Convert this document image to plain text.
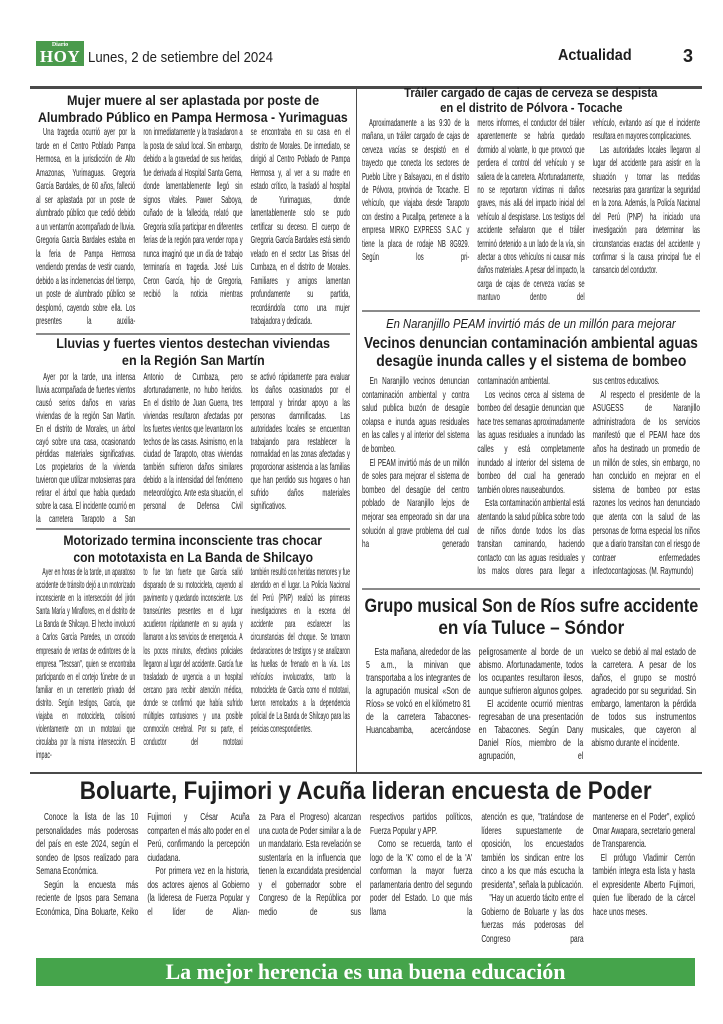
Diario
HOY Lunes, 2 de setiembre del 2024	Actualidad	3
Mujer muere al ser aplastada por poste de
Alumbrado Público en Pampa Hermosa - Yurimaguas

Una tragedia ocurrió ayer por la tarde en el Centro Poblado Pampa Hermosa, en la jurisdicción de Alto Amazonas, Yurimaguas. Gregoria García Bardales, de 60 años, falleció al ser aplastada por un poste de alumbrado público que cedió debido a un ventarrón acompañado de lluvia. Gregoria García Bardales estaba en la feria de Pampa Hermosa vendiendo prendas de vestir cuando, debido a las inclemencias del tiempo, un poste de alumbrado público se desplomó, cayendo sobre ella. Los presentes la auxilia-

ron inmediatamente y la trasladaron a la posta de salud local. Sin embargo, debido a la gravedad de sus heridas, fue derivada al Hospital Santa Gema, donde lamentablemente llegó sin signos vitales. Pawer Saboya, cuñado de la fallecida, relató que Gregoria solía participar en diferentes ferias de la región para vender ropa y nunca imaginó que un día de trabajo terminaría en tragedia. José Luis Ceron García, hijo de Gregoria, recibió la noticia mientras

se encontraba en su casa en el distrito de Morales. De inmediato, se dirigió al Centro Poblado de Pampa Hermosa y, al ver a su madre en estado crítico, la trasladó al hospital de Yurimaguas, donde lamentablemente solo se pudo certificar su deceso. El cuerpo de Gregoria García Bardales está siendo velado en el sector Las Brisas del Cumbaza, en el distrito de Morales. Familiares y amigos lamentan profundamente su partida, recordándola como una mujer trabajadora y dedicada.

Lluvias y fuertes vientos destechan viviendas
en la Región San Martín

Ayer por la tarde, una intensa lluvia acompañada de fuertes vientos causó serios daños en varias viviendas de la región San Martín. En el distrito de Morales, un árbol cayó sobre una casa, ocasionando pérdidas materiales significativas. Los propietarios de la vivienda tuvieron que utilizar motosierras para retirar el árbol que había quedado sobre la casa. El incidente ocurrió en la carretera Tarapoto a San

Antonio de Cumbaza, pero afortunadamente, no hubo heridos. En el distrito de Juan Guerra, tres viviendas resultaron afectadas por los fuertes vientos que levantaron los techos de las casas. Asimismo, en la ciudad de Tarapoto, otras viviendas también sufrieron daños similares debido a la intensidad del fenómeno meteorológico. Ante esta situación, el personal de Defensa Civil

se activó rápidamente para evaluar los daños ocasionados por el temporal y brindar apoyo a las personas damnificadas. Las autoridades locales se encuentran trabajando para restablecer la normalidad en las zonas afectadas y proporcionar asistencia a las familias que han perdido sus hogares o han sufrido daños materiales significativos.

Motorizado termina inconsciente tras chocar
con mototaxista en La Banda de Shilcayo

Ayer en horas de la tarde, un aparatoso accidente de tránsito dejó a un motorizado inconsciente en la intersección del jirón Santa María y Miraflores, en el distrito de La Banda de Shilcayo. El hecho involucró a Carlos García Paredes, un conocido empresario de ventas de extintores de la empresa "Tescsan", quien se encontraba participando en el cortejo fúnebre de un familiar en un cementerio privado del distrito. Según testigos, García, que viajaba en motocicleta, colisionó violentamente con un mototaxi que circulaba por la misma intersección. El impac-

to fue tan fuerte que García salió disparado de su motocicleta, cayendo al pavimento y quedando inconsciente. Los transeúntes presentes en el lugar acudieron rápidamente en su ayuda y llamaron a los servicios de emergencia. A los pocos minutos, efectivos policiales llegaron al lugar del accidente. García fue trasladado de urgencia a un hospital cercano para recibir atención médica, donde se confirmó que había sufrido múltiples contusiones y una posible conmoción cerebral. Por su parte, el conductor del mototaxi

también resultó con heridas menores y fue atendido en el lugar. La Policía Nacional del Perú (PNP) realizó las primeras investigaciones en la escena del accidente para esclarecer las circunstancias del choque. Se tomaron declaraciones de testigos y se analizaron las huellas de frenado en la vía. Los vehículos involucrados, tanto la motocicleta de García como el mototaxi, fueron remolcados a la dependencia policial de La Banda de Shilcayo para las pericias correspondientes.

Tráiler cargado de cajas de cerveza se despista
en el distrito de Pólvora - Tocache

Aproximadamente a las 9:30 de la mañana, un tráiler cargado de cajas de cerveza vacías se despistó en el trayecto que conecta los sectores de Pueblo Libre y Balsayacu, en el distrito de Pólvora, provincia de Tocache. El vehículo, que viajaba desde Tarapoto con destino a Pucallpa, pertenece a la empresa MIRKO EXPRESS S.A.C y tiene la placa de rodaje NB 8G929. Según los pri-

meros informes, el conductor del tráiler aparentemente se habría quedado dormido al volante, lo que provocó que perdiera el control del vehículo y se saliera de la carretera. Afortunadamente, no se reportaron víctimas ni daños graves, más allá del impacto inicial del vehículo al despistarse. Los testigos del accidente señalaron que el tráiler terminó detenido a un lado de la vía, sin afectar a otros vehículos ni causar más daños materiales. A pesar del impacto, la carga de cajas de cerveza vacías se mantuvo dentro del

vehículo, evitando así que el incidente resultara en mayores complicaciones.

Las autoridades locales llegaron al lugar del accidente para asistir en la situación y tomar las medidas necesarias para garantizar la seguridad en la zona. Además, la Policía Nacional del Perú (PNP) ha iniciado una investigación para determinar las circunstancias exactas del accidente y confirmar si la causa principal fue el cansancio del conductor.

En Naranjillo PEAM invirtió más de un millón para mejorar
Vecinos denuncian contaminación ambiental aguas
desagüe inunda calles y el sistema de bombeo

En Naranjillo vecinos denuncian contaminación ambiental y contra salud publica buzón de desagüe colapsa e inunda aguas residuales en las calles y al interior del sistema de bombeo.

El PEAM invirtió más de un millón de soles para mejorar el sistema de bombeo del desagüe del centro poblado de Naranjillo lejos de mejorar sea empeorado sin dar una solución al grave problema del cual ha generado

contaminación ambiental.

Los vecinos cerca al sistema de bombeo del desagüe denuncian que hace tres semanas aproximadamente las aguas residuales a inundado las calles y está completamente inundado al interior del sistema de bombeo del cual ha generado también olores nauseabundos.

Esta contaminación ambiental está atentando la salud pública sobre todo de niños donde todos los días transitan caminando, haciendo contacto con las aguas residuales y los malos olores para llegar a

sus centros educativos.

Al respecto el presidente de la ASUGESS de Naranjillo administradora de los servicios manifestó que el PEAM hace dos años ha destinado un promedio de un millón de soles, sin embargo, no han concluido en mejorar en el sistema de bombeo por estas razones los vecinos han denunciado que atenta con la salud de las personas de forma especial los niños que a diario transitan con el riesgo de contraer enfermedades infectocontagiosas. (M. Raymundo)

Grupo musical Son de Ríos sufre accidente
en vía Tuluce – Sóndor

Esta mañana, alrededor de las 5 a.m., la minivan que transportaba a los integrantes de la agrupación musical «Son de Ríos» se volcó en el kilómetro 81 de la carretera Tabacones-Huancabamba, acercándose

peligrosamente al borde de un abismo. Afortunadamente, todos los ocupantes resultaron ilesos, aunque sufrieron algunos golpes.

El accidente ocurrió mientras regresaban de una presentación en Tabacones. Según Dany Daniel Ríos, miembro de la agrupación, el

vuelco se debió al mal estado de la carretera. A pesar de los daños, el grupo se mostró agradecido por su seguridad. Sin embargo, lamentaron la pérdida de todos sus instrumentos musicales, que cayeron al abismo durante el incidente.

Boluarte, Fujimori y Acuña lideran encuesta de Poder

Conoce la lista de las 10 personalidades más poderosas del país en este 2024, según el sondeo de Ipsos realizado para Semana Económica.

Según la encuesta más reciente de Ipsos para Semana Económica, Dina Boluarte, Keiko

Fujimori y César Acuña comparten el más alto poder en el Perú, confirmando la percepción ciudadana.

Por primera vez en la historia, dos actores ajenos al Gobierno (la lideresa de Fuerza Popular y el líder de Alian-

za Para el Progreso) alcanzan una cuota de Poder similar a la de un mandatario. Esta revelación se sustentaría en la influencia que tienen la excandidata presidencial y el gobernador sobre el Congreso de la República por medio de sus

respectivos partidos políticos, Fuerza Popular y APP.

Como se recuerda, tanto el logo de la 'K' como el de la 'A' conforman la mayor fuerza parlamentaria dentro del segundo poder del Estado. Lo que más llama la

atención es que, "tratándose de líderes supuestamente de oposición, los encuestados también los sindican entre los cinco a los que más escucha la presidenta", señala la publicación.

"Hay un acuerdo tácito entre el Gobierno de Boluarte y las dos fuerzas más poderosas del Congreso para

mantenerse en el Poder", explicó Omar Awapara, secretario general de Transparencia.

El prófugo Vladimir Cerrón también integra esta lista y hasta el expresidente Alberto Fujimori, quien fue liberado de la cárcel hace unos meses.

La mejor herencia es una buena educación
